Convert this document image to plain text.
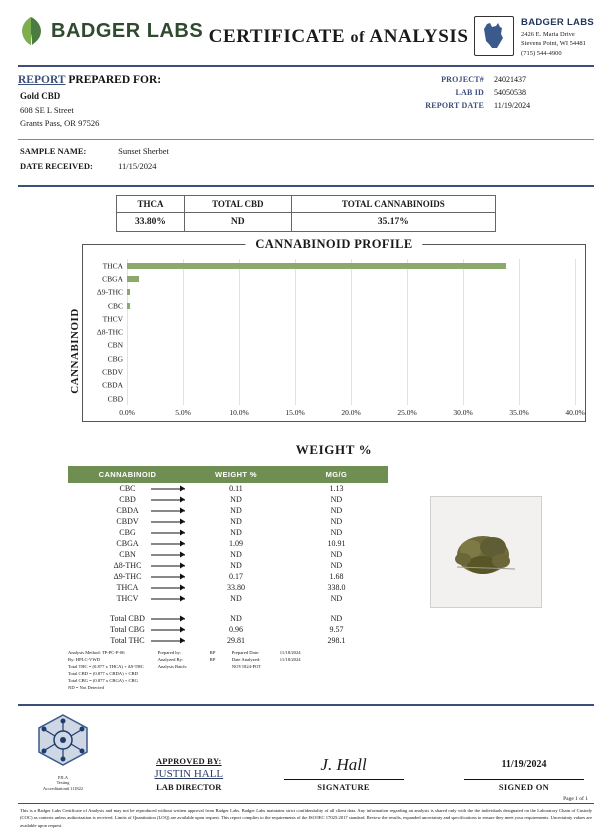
BADGER LABS CERTIFICATE of ANALYSIS
BADGER LABS
2426 E. Maria Drive
Stevens Point, WI 54481
(715) 544-4900
REPORT PREPARED FOR:
Gold CBD
608 SE L Street
Grants Pass, OR 97526
PROJECT#	24021437
LAB ID	54050538
REPORT DATE	11/19/2024
SAMPLE NAME:	Sunset Sherbet
DATE RECEIVED:	11/15/2024
THCA	TOTAL CBD	TOTAL CANNABINOIDS
33.80%	ND	35.17%
CANNABINOID
CANNABINOID PROFILE
0.0%	5.0%	10.0%	15.0%	20.0%	25.0%	30.0%	35.0%	40.0%
THCA
CBGA
Δ9-THC
CBC
THCV
Δ8-THC
CBN
CBG
CBDV
CBDA
CBD
WEIGHT %
CANNABINOID	WEIGHT %	MG/G
CBC	0.11	1.13
CBD	ND	ND
CBDA	ND	ND
CBDV	ND	ND
CBG	ND	ND
CBGA	1.09	10.91
CBN	ND	ND
Δ8-THC	ND	ND
Δ9-THC	0.17	1.68
THCA	33.80	338.0
THCV	ND	ND

Total CBD	ND	ND
Total CBG	0.96	9.57
Total THC	29.81	298.1
Analysis Method: TP-PC-P-06
By: HPLC-VWD
Total THC = (0.877 x THCA) + Δ9-THC
Total CBD = (0.877 x CBDA) + CBD
Total CBG = (0.877 x CBGA) + CBG
ND = Not Detected
Prepared by:	RP	Prepared Date:	11/18/2024
Analyzed By:	RP	Date Analyzed:	11/18/2024
Analysis Batch:	NOV1824-POT
PJLA
Testing
Accreditation# 111822
APPROVED BY:
JUSTIN HALL
LAB DIRECTOR
J. Hall
SIGNATURE
11/19/2024
SIGNED ON
Page 1 of 1
This is a Badger Labs Certificate of Analysis and may not be reproduced without written approval from Badger Labs. Badger Labs maintains strict confidentiality of all client data. Any information regarding an analysis is shared only with the the individuals designated on the Laboratory Chain of Custody (COC) as contests unless authorization is received. Limits of Quantitation (LOQ) are available upon request. This report complies to the requirements of the ISO/IEC 17025:2017 standard. Review the results, expanded uncertainty and specifications to ensure they meet your requirements. Uncertainty values are available upon request.
